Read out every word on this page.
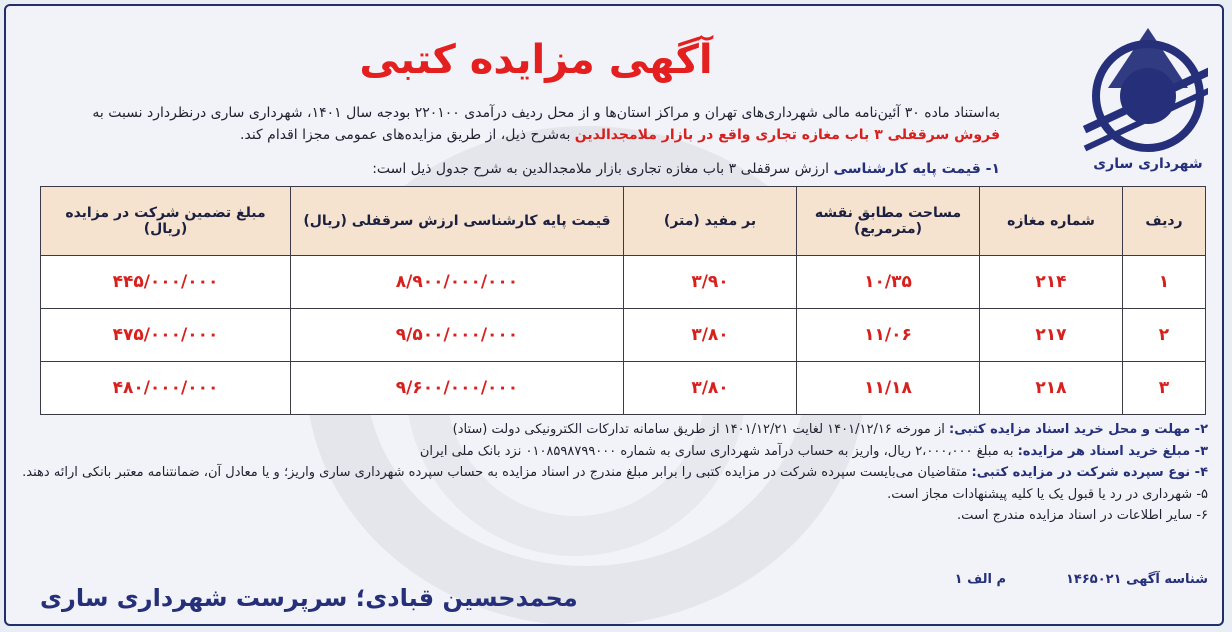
شهرداری ساری
آگهی مزایده کتبی
به‌استناد ماده ۳۰ آئین‌نامه مالی شهرداری‌های تهران و مراکز استان‌ها و از محل ردیف درآمدی ۲۲۰۱۰۰ بودجه سال ۱۴۰۱، شهرداری ساری درنظردارد نسبت به
فروش سرقفلی ۳ باب مغازه تجاری واقع در بازار ملامجدالدین به‌شرح ذیل، از طریق مزایده‌های عمومی مجزا اقدام کند.
۱- قیمت پایه کارشناسی ارزش سرقفلی ۳ باب مغازه تجاری بازار ملامجدالدین به شرح جدول ذیل است:
ردیف	شماره مغازه	مساحت مطابق نقشه (مترمربع)	بر مفید (متر)	قیمت پایه کارشناسی ارزش سرقفلی (ریال)	مبلغ تضمین شرکت در مزایده (ریال)
۱	۲۱۴	۱۰/۳۵	۳/۹۰	۸/۹۰۰/۰۰۰/۰۰۰	۴۴۵/۰۰۰/۰۰۰
۲	۲۱۷	۱۱/۰۶	۳/۸۰	۹/۵۰۰/۰۰۰/۰۰۰	۴۷۵/۰۰۰/۰۰۰
۳	۲۱۸	۱۱/۱۸	۳/۸۰	۹/۶۰۰/۰۰۰/۰۰۰	۴۸۰/۰۰۰/۰۰۰
۲- مهلت و محل خرید اسناد مزایده کتبی: از مورخه ۱۴۰۱/۱۲/۱۶ لغایت ۱۴۰۱/۱۲/۲۱ از طریق سامانه تدارکات الکترونیکی دولت (ستاد)
۳- مبلغ خرید اسناد هر مزایده: به مبلغ ۲،۰۰۰،۰۰۰ ریال، واریز به حساب درآمد شهرداری ساری به شماره ۰۱۰۸۵۹۸۷۹۹۰۰۰ نزد بانک ملی ایران
۴- نوع سپرده شرکت در مزایده کتبی: متقاضیان می‌بایست سپرده شرکت در مزایده کتبی را برابر مبلغ مندرج در اسناد مزایده به حساب سپرده شهرداری ساری واریز؛ و یا معادل آن، ضمانتنامه معتبر بانکی ارائه دهند.
۵- شهرداری در رد یا قبول یک یا کلیه پیشنهادات مجاز است.
۶- سایر اطلاعات در اسناد مزایده مندرج است.
شناسه آگهی ۱۴۶۵۰۲۱م الف ۱
محمدحسین قبادی؛ سرپرست شهرداری ساری
